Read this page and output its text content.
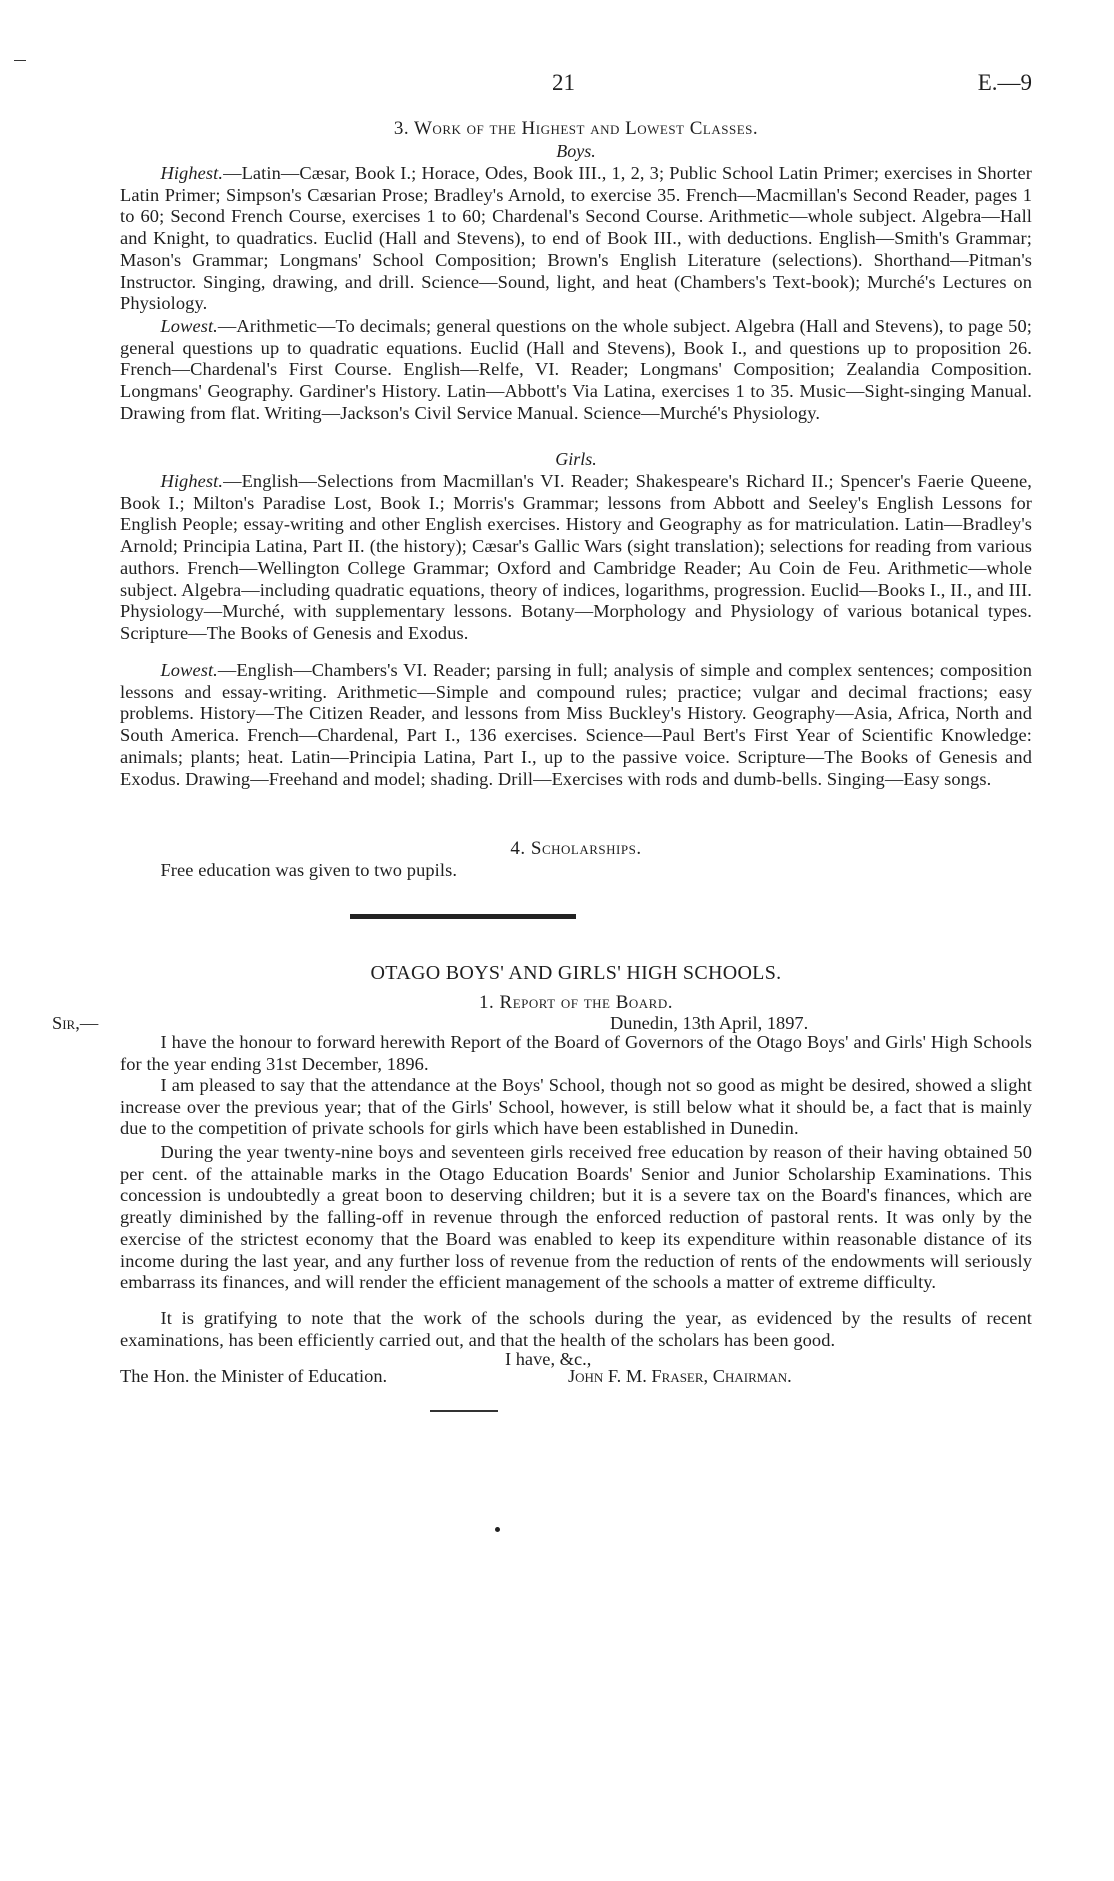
21	E.—9
3. Work of the Highest and Lowest Classes.
Boys.

Highest.—Latin—Cæsar, Book I.; Horace, Odes, Book III., 1, 2, 3; Public School Latin Primer; exercises in Shorter Latin Primer; Simpson's Cæsarian Prose; Bradley's Arnold, to exercise 35. French—Macmillan's Second Reader, pages 1 to 60; Second French Course, exercises 1 to 60; Chardenal's Second Course. Arithmetic—whole subject. Algebra—Hall and Knight, to quadratics. Euclid (Hall and Stevens), to end of Book III., with deductions. English—Smith's Grammar; Mason's Grammar; Longmans' School Composition; Brown's English Literature (selections). Shorthand—Pitman's Instructor. Singing, drawing, and drill. Science—Sound, light, and heat (Chambers's Text-book); Murché's Lectures on Physiology.

Lowest.—Arithmetic—To decimals; general questions on the whole subject. Algebra (Hall and Stevens), to page 50; general questions up to quadratic equations. Euclid (Hall and Stevens), Book I., and questions up to proposition 26. French—Chardenal's First Course. English—Relfe, VI. Reader; Longmans' Composition; Zealandia Composition. Longmans' Geography. Gardiner's History. Latin—Abbott's Via Latina, exercises 1 to 35. Music—Sight-singing Manual. Drawing from flat. Writing—Jackson's Civil Service Manual. Science—Murché's Physiology.

Girls.

Highest.—English—Selections from Macmillan's VI. Reader; Shakespeare's Richard II.; Spencer's Faerie Queene, Book I.; Milton's Paradise Lost, Book I.; Morris's Grammar; lessons from Abbott and Seeley's English Lessons for English People; essay-writing and other English exercises. History and Geography as for matriculation. Latin—Bradley's Arnold; Principia Latina, Part II. (the history); Cæsar's Gallic Wars (sight translation); selections for reading from various authors. French—Wellington College Grammar; Oxford and Cambridge Reader; Au Coin de Feu. Arithmetic—whole subject. Algebra—including quadratic equations, theory of indices, logarithms, progression. Euclid—Books I., II., and III. Physiology—Murché, with supplementary lessons. Botany—Morphology and Physiology of various botanical types. Scripture—The Books of Genesis and Exodus.

Lowest.—English—Chambers's VI. Reader; parsing in full; analysis of simple and complex sentences; composition lessons and essay-writing. Arithmetic—Simple and compound rules; practice; vulgar and decimal fractions; easy problems. History—The Citizen Reader, and lessons from Miss Buckley's History. Geography—Asia, Africa, North and South America. French—Chardenal, Part I., 136 exercises. Science—Paul Bert's First Year of Scientific Knowledge: animals; plants; heat. Latin—Principia Latina, Part I., up to the passive voice. Scripture—The Books of Genesis and Exodus. Drawing—Freehand and model; shading. Drill—Exercises with rods and dumb-bells. Singing—Easy songs.

4. Scholarships.

Free education was given to two pupils.

OTAGO BOYS' AND GIRLS' HIGH SCHOOLS.
1. Report of the Board.
Sir,—	Dunedin, 13th April, 1897.

I have the honour to forward herewith Report of the Board of Governors of the Otago Boys' and Girls' High Schools for the year ending 31st December, 1896.

I am pleased to say that the attendance at the Boys' School, though not so good as might be desired, showed a slight increase over the previous year; that of the Girls' School, however, is still below what it should be, a fact that is mainly due to the competition of private schools for girls which have been established in Dunedin.

During the year twenty-nine boys and seventeen girls received free education by reason of their having obtained 50 per cent. of the attainable marks in the Otago Education Boards' Senior and Junior Scholarship Examinations. This concession is undoubtedly a great boon to deserving children; but it is a severe tax on the Board's finances, which are greatly diminished by the falling-off in revenue through the enforced reduction of pastoral rents. It was only by the exercise of the strictest economy that the Board was enabled to keep its expenditure within reasonable distance of its income during the last year, and any further loss of revenue from the reduction of rents of the endowments will seriously embarrass its finances, and will render the efficient management of the schools a matter of extreme difficulty.

It is gratifying to note that the work of the schools during the year, as evidenced by the results of recent examinations, has been efficiently carried out, and that the health of the scholars has been good.

I have, &c.,
The Hon. the Minister of Education.	John F. M. Fraser, Chairman.
